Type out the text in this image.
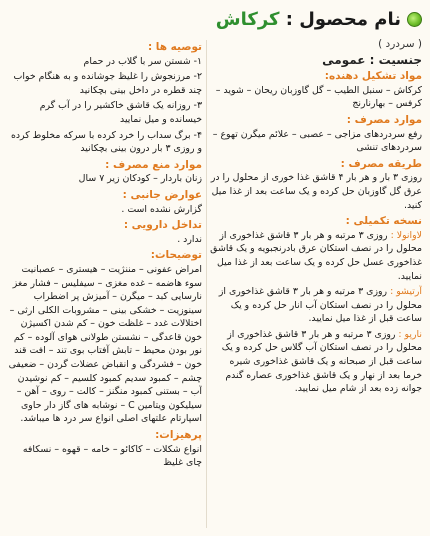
نام محصول : کرکاش

( سردرد )

جنسیت : عمومی

مواد تشکیل دهنده:

کرکاش – سنبل الطیب – گل گاوزبان ریحان – شوید – کرفس – بهارنارنج

موارد مصرف :

رفع سردردهای مزاجی – عصبی – علائم میگرن تهوع – سردردهای تنشی

طریقه مصرف :

روزی ۳ بار و هر بار ۴ قاشق غذا خوری از محلول را در عرق گل گاوزبان حل کرده و یک ساعت بعد از غذا میل کنید.

نسخه تکمیلی :

لاوانولا : روزی ۳ مرتبه و هر بار ۳ قاشق غذاخوری از محلول را در نصف استکان عرق بادرنجبویه و یک قاشق غذاخوری عسل حل کرده و یک ساعت بعد از غذا میل نمایید.

آرتیشو : روزی ۳ مرتبه و هر بار ۳ قاشق غذاخوری از محلول را در نصف استکان آب انار حل کرده و یک ساعت قبل از غذا میل نمایید.

نارپو : روزی ۳ مرتبه و هر بار ۳ قاشق غذاخوری از محلول را در نصف استکان آب گلاس حل کرده و یک ساعت قبل از صبحانه و یک قاشق غذاخوری شیره خرما بعد از نهار و یک قاشق غذاخوری عصاره گندم جوانه زده بعد از شام میل نمایید.

توصیه ها :

۱- شستن سر با گلاب در حمام

۲- مرزنجوش را غلیظ جوشانده و به هنگام خواب چند قطره در داخل بینی بچکانید

۳- روزانه یک قاشق خاکشیر را در آب گرم خیسانده و میل نمایید

۴- برگ سداب را خرد کرده با سرکه مخلوط کرده و روزی ۳ بار درون بینی بچکانید

موارد منع مصرف :

زنان باردار – کودکان زیر ۷ سال

عوارض جانبی :

گزارش نشده است .

تداخل دارویی :

ندارد .

توضیحات:

امراض عفونی – مننژیت – هیستری – عصبانیت سوء هاضمه – غده مغزی – سیفلیس – فشار مغز نارسایی کبد – میگرن – آمیزش پر اضطراب سینوزیت – خشکی بینی – مشروبات الکلی ارثی – اختلالات غدد – غلظت خون – کم شدن اکسیژن خون قاعدگی – نشستن طولانی هوای آلوده – کم نور بودن محیط – تابش آفتاب بوی تند – افت قند خون – فشردگی و انقباض عضلات گردن – ضعیفی چشم – کمبود سدیم کمبود کلسیم – کم نوشیدن آب – بستنی کمبود منگنز – کالت – روی – آهن – سیلیکون ویتامین C – نوشابه های گاز دار حاوی اسپارتام علتهای اصلی انواع سر درد ها میباشد.

پرهیزات:

انواع شکلات – کاکائو – خامه – قهوه – نسکافه چای غلیظ
